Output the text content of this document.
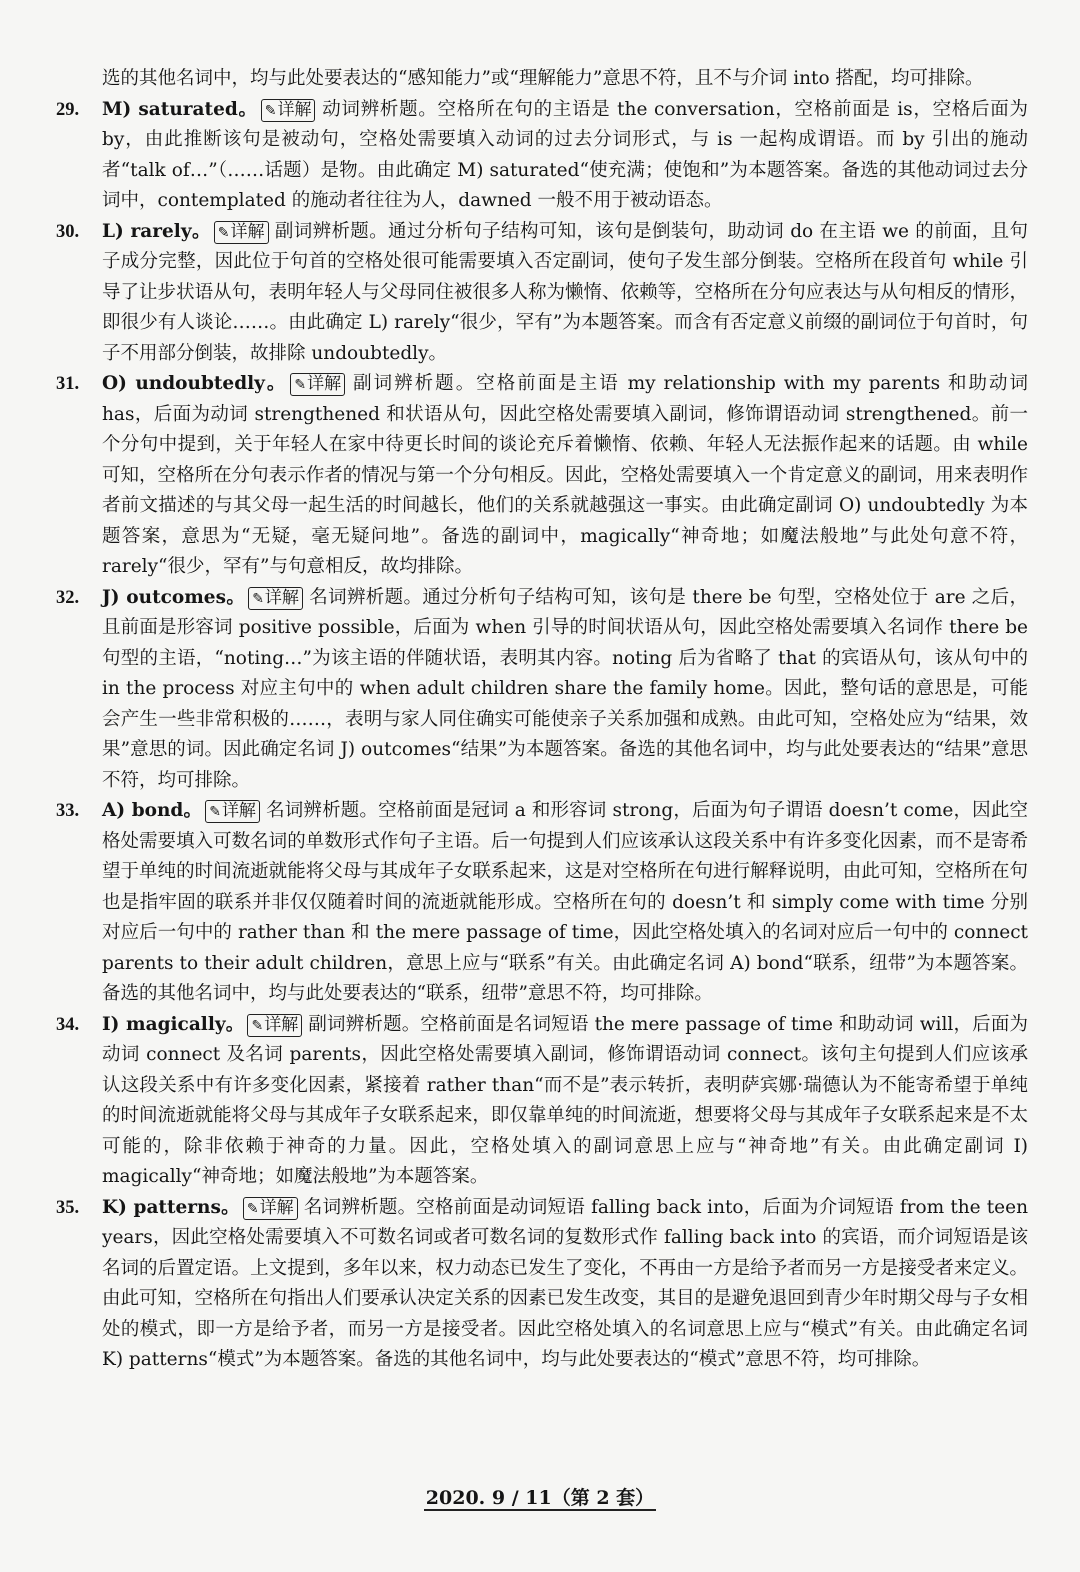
选的其他名词中，均与此处要表达的“感知能力”或“理解能力”意思不符，且不与介词 into 搭配，均可排除。
29.	M) saturated。 ✎详解 动词辨析题。空格所在句的主语是 the conversation，空格前面是 is，空格后面为 by，由此推断该句是被动句，空格处需要填入动词的过去分词形式，与 is 一起构成谓语。而 by 引出的施动者“talk of…”（……话题）是物。由此确定 M) saturated“使充满；使饱和”为本题答案。备选的其他动词过去分词中，contemplated 的施动者往往为人，dawned 一般不用于被动语态。
30.	L) rarely。 ✎详解 副词辨析题。通过分析句子结构可知，该句是倒装句，助动词 do 在主语 we 的前面，且句子成分完整，因此位于句首的空格处很可能需要填入否定副词，使句子发生部分倒装。空格所在段首句 while 引导了让步状语从句，表明年轻人与父母同住被很多人称为懒惰、依赖等，空格所在分句应表达与从句相反的情形，即很少有人谈论……。由此确定 L) rarely“很少，罕有”为本题答案。而含有否定意义前缀的副词位于句首时，句子不用部分倒装，故排除 undoubtedly。
31.	O) undoubtedly。 ✎详解 副词辨析题。空格前面是主语 my relationship with my parents 和助动词 has，后面为动词 strengthened 和状语从句，因此空格处需要填入副词，修饰谓语动词 strengthened。前一个分句中提到，关于年轻人在家中待更长时间的谈论充斥着懒惰、依赖、年轻人无法振作起来的话题。由 while 可知，空格所在分句表示作者的情况与第一个分句相反。因此，空格处需要填入一个肯定意义的副词，用来表明作者前文描述的与其父母一起生活的时间越长，他们的关系就越强这一事实。由此确定副词 O) undoubtedly 为本题答案，意思为“无疑，毫无疑问地”。备选的副词中，magically“神奇地；如魔法般地”与此处句意不符，rarely“很少，罕有”与句意相反，故均排除。
32.	J) outcomes。 ✎详解 名词辨析题。通过分析句子结构可知，该句是 there be 句型，空格处位于 are 之后，且前面是形容词 positive possible，后面为 when 引导的时间状语从句，因此空格处需要填入名词作 there be 句型的主语，“noting…”为该主语的伴随状语，表明其内容。noting 后为省略了 that 的宾语从句，该从句中的 in the process 对应主句中的 when adult children share the family home。因此，整句话的意思是，可能会产生一些非常积极的……，表明与家人同住确实可能使亲子关系加强和成熟。由此可知，空格处应为“结果，效果”意思的词。因此确定名词 J) outcomes“结果”为本题答案。备选的其他名词中，均与此处要表达的“结果”意思不符，均可排除。
33.	A) bond。 ✎详解 名词辨析题。空格前面是冠词 a 和形容词 strong，后面为句子谓语 doesn’t come，因此空格处需要填入可数名词的单数形式作句子主语。后一句提到人们应该承认这段关系中有许多变化因素，而不是寄希望于单纯的时间流逝就能将父母与其成年子女联系起来，这是对空格所在句进行解释说明，由此可知，空格所在句也是指牢固的联系并非仅仅随着时间的流逝就能形成。空格所在句的 doesn’t 和 simply come with time 分别对应后一句中的 rather than 和 the mere passage of time，因此空格处填入的名词对应后一句中的 connect parents to their adult children，意思上应与“联系”有关。由此确定名词 A) bond“联系，纽带”为本题答案。备选的其他名词中，均与此处要表达的“联系，纽带”意思不符，均可排除。
34.	I) magically。 ✎详解 副词辨析题。空格前面是名词短语 the mere passage of time 和助动词 will，后面为动词 connect 及名词 parents，因此空格处需要填入副词，修饰谓语动词 connect。该句主句提到人们应该承认这段关系中有许多变化因素，紧接着 rather than“而不是”表示转折，表明萨宾娜·瑞德认为不能寄希望于单纯的时间流逝就能将父母与其成年子女联系起来，即仅靠单纯的时间流逝，想要将父母与其成年子女联系起来是不太可能的，除非依赖于神奇的力量。因此，空格处填入的副词意思上应与“神奇地”有关。由此确定副词 I) magically“神奇地；如魔法般地”为本题答案。
35.	K) patterns。 ✎详解 名词辨析题。空格前面是动词短语 falling back into，后面为介词短语 from the teen years，因此空格处需要填入不可数名词或者可数名词的复数形式作 falling back into 的宾语，而介词短语是该名词的后置定语。上文提到，多年以来，权力动态已发生了变化，不再由一方是给予者而另一方是接受者来定义。由此可知，空格所在句指出人们要承认决定关系的因素已发生改变，其目的是避免退回到青少年时期父母与子女相处的模式，即一方是给予者，而另一方是接受者。因此空格处填入的名词意思上应与“模式”有关。由此确定名词 K) patterns“模式”为本题答案。备选的其他名词中，均与此处要表达的“模式”意思不符，均可排除。
2020. 9 / 11（第 2 套）
